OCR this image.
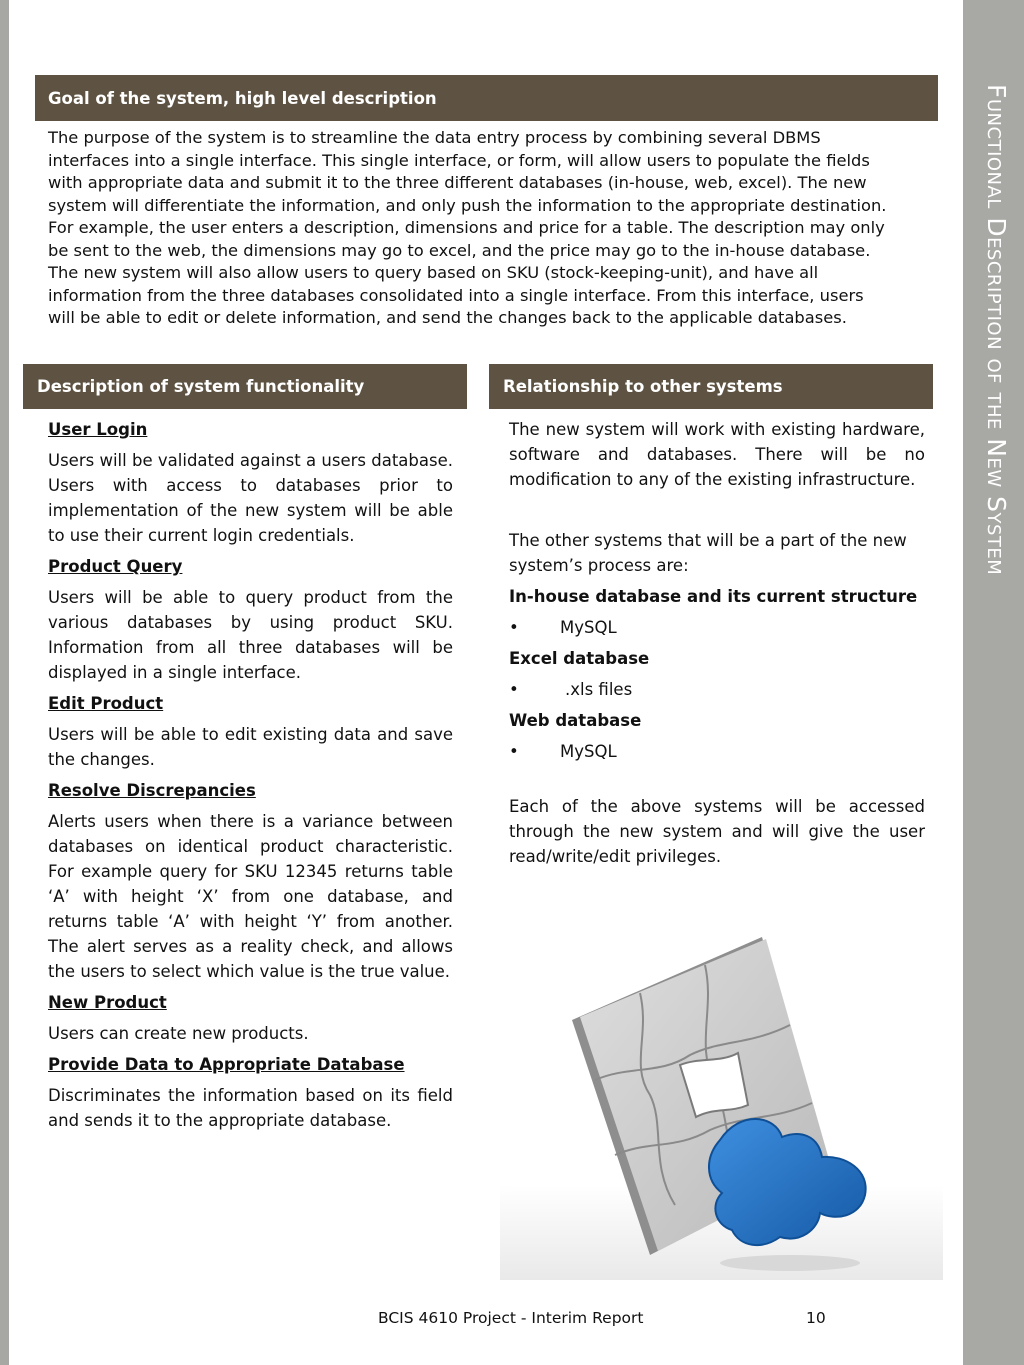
Functional Description of the New System
Goal of the system, high level description
The purpose of the system is to streamline the data entry process by combining several DBMS
interfaces into a single interface. This single interface, or form, will allow users to populate the fields
with appropriate data and submit it to the three different databases (in-house, web, excel). The new
system will differentiate the information, and only push the information to the appropriate destination.
For example, the user enters a description, dimensions and price for a table. The description may only
be sent to the web, the dimensions may go to excel, and the price may go to the in-house database.
The new system will also allow users to query based on SKU (stock-keeping-unit), and have all
information from the three databases consolidated into a single interface. From this interface, users
will be able to edit or delete information, and send the changes back to the applicable databases.
Description of system functionality	Relationship to other systems
User Login

Users will be validated against a users database. Users with access to databases prior to implementation of the new system will be able to use their current login credentials.

Product Query

Users will be able to query product from the various databases by using product SKU. Information from all three databases will be displayed in a single interface.

Edit Product

Users will be able to edit existing data and save the changes.

Resolve Discrepancies

Alerts users when there is a variance between databases on identical product characteristic. For example query for SKU 12345 returns table ‘A’ with height ‘X’ from one database, and returns table ‘A’ with height ‘Y’ from another. The alert serves as a reality check, and allows the users to select which value is the true value.

New Product

Users can create new products.

Provide Data to Appropriate Database

Discriminates the information based on its field and sends it to the appropriate database.

The new system will work with existing hardware, software and databases. There will be no modification to any of the existing infrastructure.

The other systems that will be a part of the new system’s process are:

In-house database and its current structure
•	MySQL
Excel database
•	.xls files
Web database
•	MySQL

Each of the above systems will be accessed through the new system and will give the user read/write/edit privileges.

BCIS 4610 Project - Interim Report	10
